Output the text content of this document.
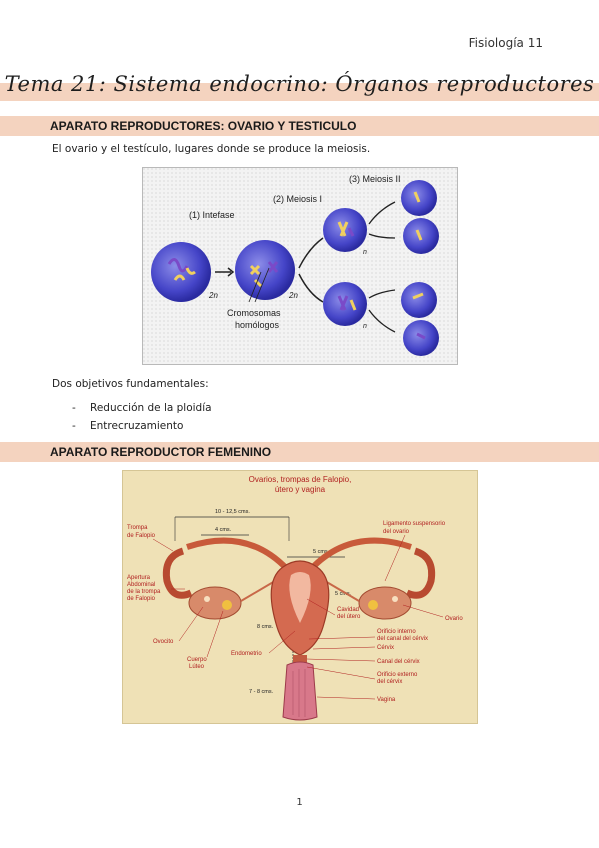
Fisiología 11
Tema 21: Sistema endocrino: Órganos reproductores
APARATO REPRODUCTORES: OVARIO Y TESTICULO
El ovario y el testículo, lugares donde se produce la meiosis.
2n	2n
n
n
(1) Intefase
(2) Meiosis I
(3) Meiosis II
Cromosomas
homólogos
Dos objetivos fundamentales:
- Reducción de la ploidía
- Entrecruzamiento
APARATO REPRODUCTOR FEMENINO
Ovarios, trompas de Falopio,
útero y vagina
10 - 12,5 cms.
4 cms.
5 cms.
5 cms.
8 cms.
7 - 8 cms.
Trompa
de Falopio
Apertura
Abdominal
de la trompa
de Falopio
Ovocito
Cuerpo
Lúteo
Endometrio
Ligamento suspensorio
del ovario
Cavidad
del útero	Ovario
Orificio interno
del canal del cérvix
Cérvix
Canal del cérvix
Orificio externo
del cérvix
Vagina
1
